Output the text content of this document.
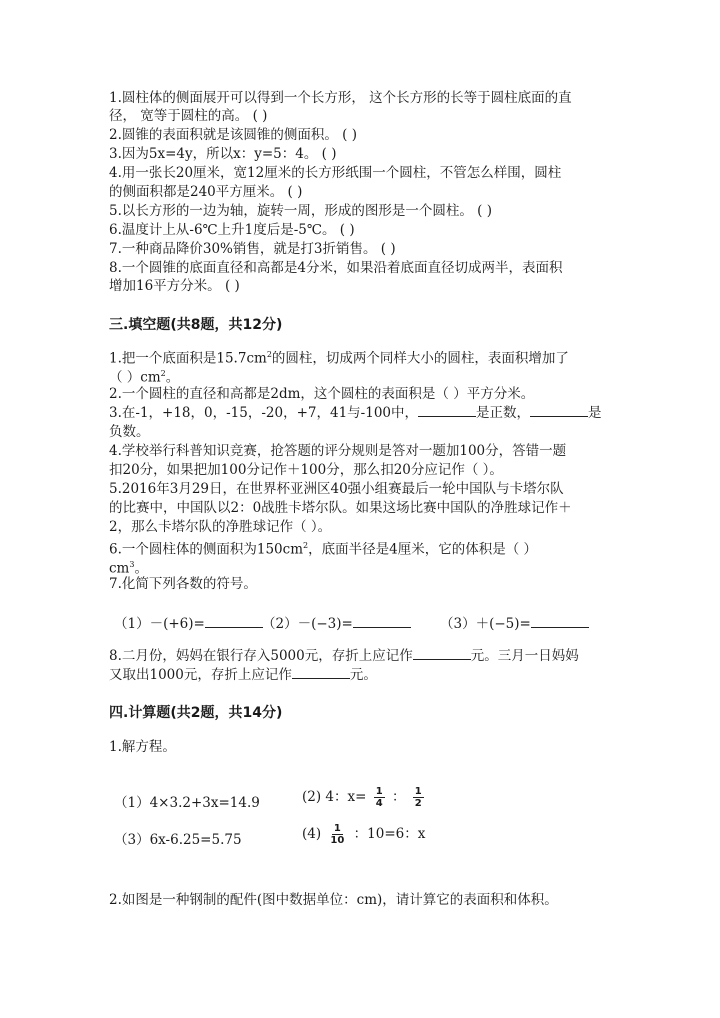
1.圆柱体的侧面展开可以得到一个长方形， 这个长方形的长等于圆柱底面的直
径， 宽等于圆柱的高。 ( )
2.圆锥的表面积就是该圆锥的侧面积。 ( )
3.因为5x=4y，所以x：y=5：4。 ( )
4.用一张长20厘米，宽12厘米的长方形纸围一个圆柱，不管怎么样围，圆柱
的侧面积都是240平方厘米。 ( )
5.以长方形的一边为轴，旋转一周，形成的图形是一个圆柱。 ( )
6.温度计上从-6℃上升1度后是-5℃。 ( )
7.一种商品降价30%销售，就是打3折销售。 ( )
8.一个圆锥的底面直径和高都是4分米，如果沿着底面直径切成两半，表面积
增加16平方分米。 ( )
三.填空题(共8题，共12分)
1.把一个底面积是$15.7cm^2$的圆柱，切成两个同样大小的圆柱，表面积增加了
（ ）$cm^2$。
2.一个圆柱的直径和高都是2dm，这个圆柱的表面积是（ ）平方分米。
3.在-1，+18，0，-15，-20，+7，41与-100中，	是正数，	是
负数。
4.学校举行科普知识竞赛，抢答题的评分规则是答对一题加100分，答错一题
扣20分，如果把加100分记作＋100分，那么扣20分应记作（ ）。
5.2016年3月29日，在世界杯亚洲区40强小组赛最后一轮中国队与卡塔尔队
的比赛中，中国队以2：0战胜卡塔尔队。如果这场比赛中国队的净胜球记作＋
2，那么卡塔尔队的净胜球记作（ ）。
6.一个圆柱体的侧面积为$150cm^2$，底面半径是4厘米，它的体积是（ ）
$cm^3$。
7.化简下列各数的符号。
（1）－(+6)=	（2）－(−3)=	（3）＋(−5)=
8.二月份，妈妈在银行存入5000元，存折上应记作	元。三月一日妈妈
又取出1000元，存折上应记作	元。
四.计算题(共2题，共14分)
1.解方程。
（1）4×3.2+3x=14.9	(2) 4：$x= \frac{1}{4}$ ： $\frac{1}{2}$
（3）6x-6.25=5.75	$(4) \frac{1}{10}$ ：10=6：x
2.如图是一种钢制的配件(图中数据单位：cm)，请计算它的表面积和体积。
